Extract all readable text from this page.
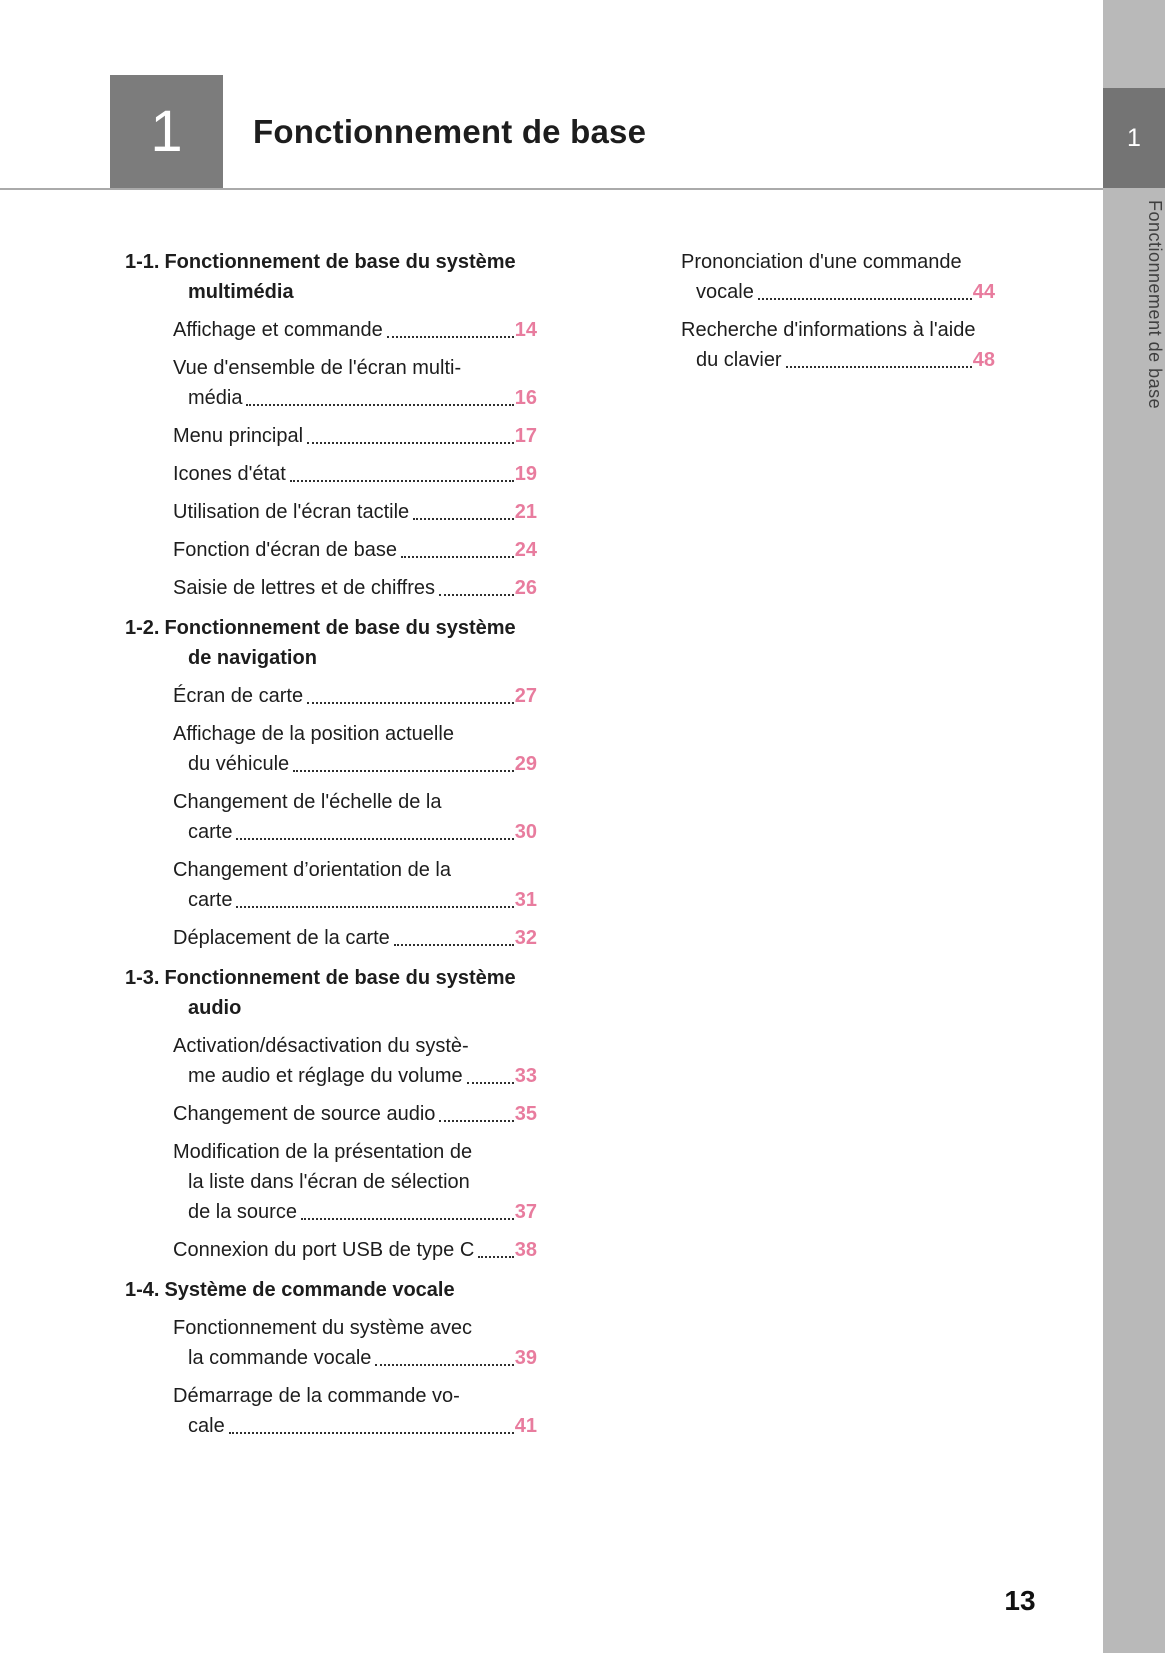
1 Fonctionnement de base	1
Fonctionnement de base
1-1. Fonctionnement de base du système
multimédia
Affichage et commande	14
Vue d'ensemble de l'écran multi-
média	16
Menu principal	17
Icones d'état	19
Utilisation de l'écran tactile	21
Fonction d'écran de base	24
Saisie de lettres et de chiffres	26
1-2. Fonctionnement de base du système
de navigation
Écran de carte	27
Affichage de la position actuelle
du véhicule	29
Changement de l'échelle de la
carte	30
Changement d’orientation de la
carte	31
Déplacement de la carte	32
1-3. Fonctionnement de base du système
audio
Activation/désactivation du systè-
me audio et réglage du volume	33
Changement de source audio	35
Modification de la présentation de
la liste dans l'écran de sélection
de la source	37
Connexion du port USB de type C 38
1-4. Système de commande vocale
Fonctionnement du système avec
la commande vocale	39
Démarrage de la commande vo-
cale	41
Prononciation d'une commande
vocale	44
Recherche d'informations à l'aide
du clavier	48
13
